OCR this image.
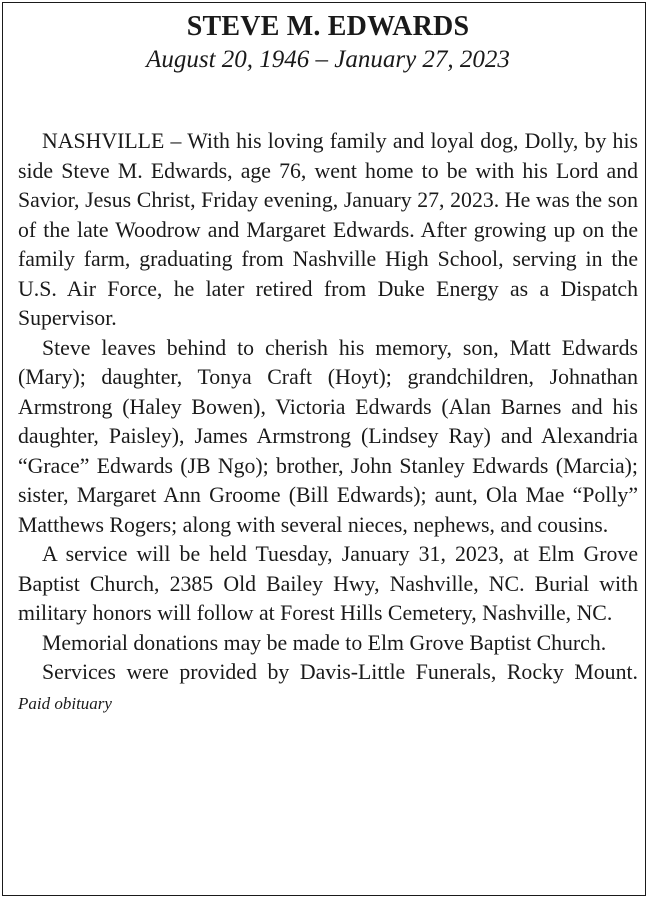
STEVE M. EDWARDS
August 20, 1946 – January 27, 2023

NASHVILLE – With his loving family and loyal dog, Dolly, by his side Steve M. Edwards, age 76, went home to be with his Lord and Savior, Jesus Christ, Friday evening, January 27, 2023. He was the son of the late Woodrow and Margaret Edwards. After growing up on the family farm, graduating from Nashville High School, serving in the U.S. Air Force, he later retired from Duke Energy as a Dispatch Supervisor.

Steve leaves behind to cherish his memory, son, Matt Edwards (Mary); daughter, Tonya Craft (Hoyt); grandchildren, Johnathan Armstrong (Haley Bowen), Victoria Edwards (Alan Barnes and his daughter, Paisley), James Armstrong (Lindsey Ray) and Alexandria “Grace” Edwards (JB Ngo); brother, John Stanley Edwards (Marcia); sister, Margaret Ann Groome (Bill Edwards); aunt, Ola Mae “Polly” Matthews Rogers; along with several nieces, nephews, and cousins.

A service will be held Tuesday, January 31, 2023, at Elm Grove Baptist Church, 2385 Old Bailey Hwy, Nashville, NC. Burial with military honors will follow at Forest Hills Cemetery, Nashville, NC.

Memorial donations may be made to Elm Grove Baptist Church.

Services were provided by Davis-Little Funerals, Rocky Mount. Paid obituary
